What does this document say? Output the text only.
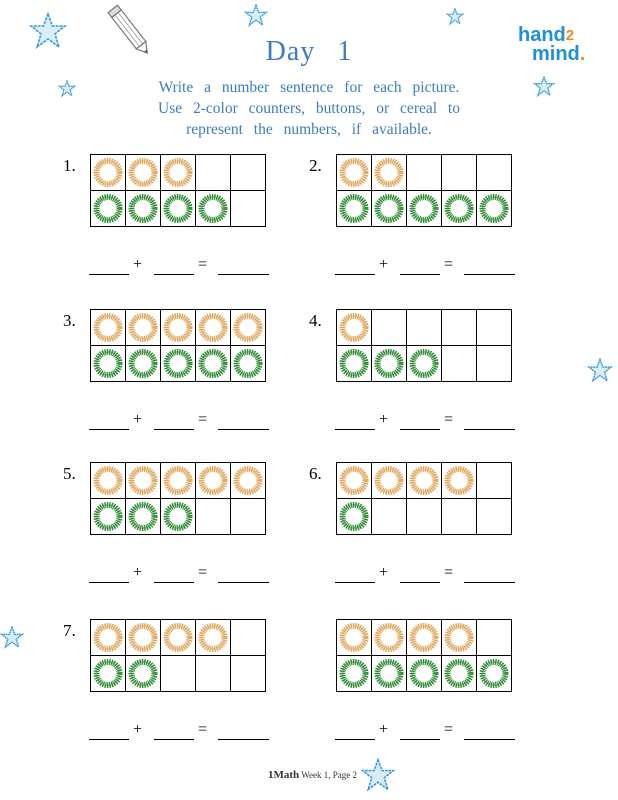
Day 1
Write a number sentence for each picture.
Use 2-color counters, buttons, or cereal to
represent the numbers, if available.
hand$^2$
mind.
1.
+	=
2.
+	=
3.
+	=
4.
+	=
5.
+	=
6.
+	=
7.
+	=	+	=
1Math Week 1, Page 2
